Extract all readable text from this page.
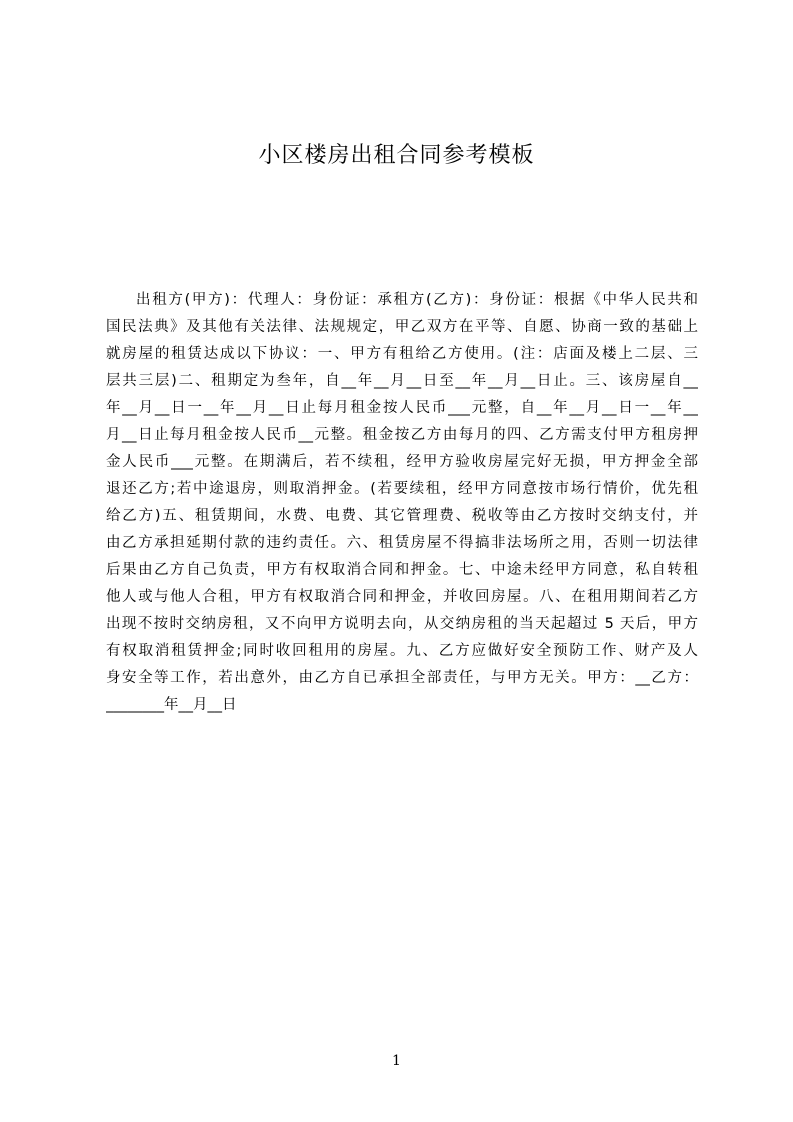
小区楼房出租合同参考模板
出租方(甲方)：代理人：身份证：承租方(乙方)：身份证：根据《中华人民共和
国民法典》及其他有关法律、法规规定，甲乙双方在平等、自愿、协商一致的基础上
就房屋的租赁达成以下协议：一、甲方有租给乙方使用。(注：店面及楼上二层、三
层共三层)二、租期定为叁年，自__年__月__日至__年__月__日止。三、该房屋自__
年__月__日一__年__月__日止每月租金按人民币___元整，自__年__月__日一__年__
月__日止每月租金按人民币__元整。租金按乙方由每月的四、乙方需支付甲方租房押
金人民币___元整。在期满后，若不续租，经甲方验收房屋完好无损，甲方押金全部
退还乙方;若中途退房，则取消押金。(若要续租，经甲方同意按市场行情价，优先租
给乙方)五、租赁期间，水费、电费、其它管理费、税收等由乙方按时交纳支付，并
由乙方承担延期付款的违约责任。六、租赁房屋不得搞非法场所之用，否则一切法律
后果由乙方自己负责，甲方有权取消合同和押金。七、中途未经甲方同意，私自转租
他人或与他人合租，甲方有权取消合同和押金，并收回房屋。八、在租用期间若乙方
出现不按时交纳房租，又不向甲方说明去向，从交纳房租的当天起超过 5 天后，甲方
有权取消租赁押金;同时收回租用的房屋。九、乙方应做好安全预防工作、财产及人
身安全等工作，若出意外，由乙方自已承担全部责任，与甲方无关。甲方：__乙方：
________年__月__日
1
